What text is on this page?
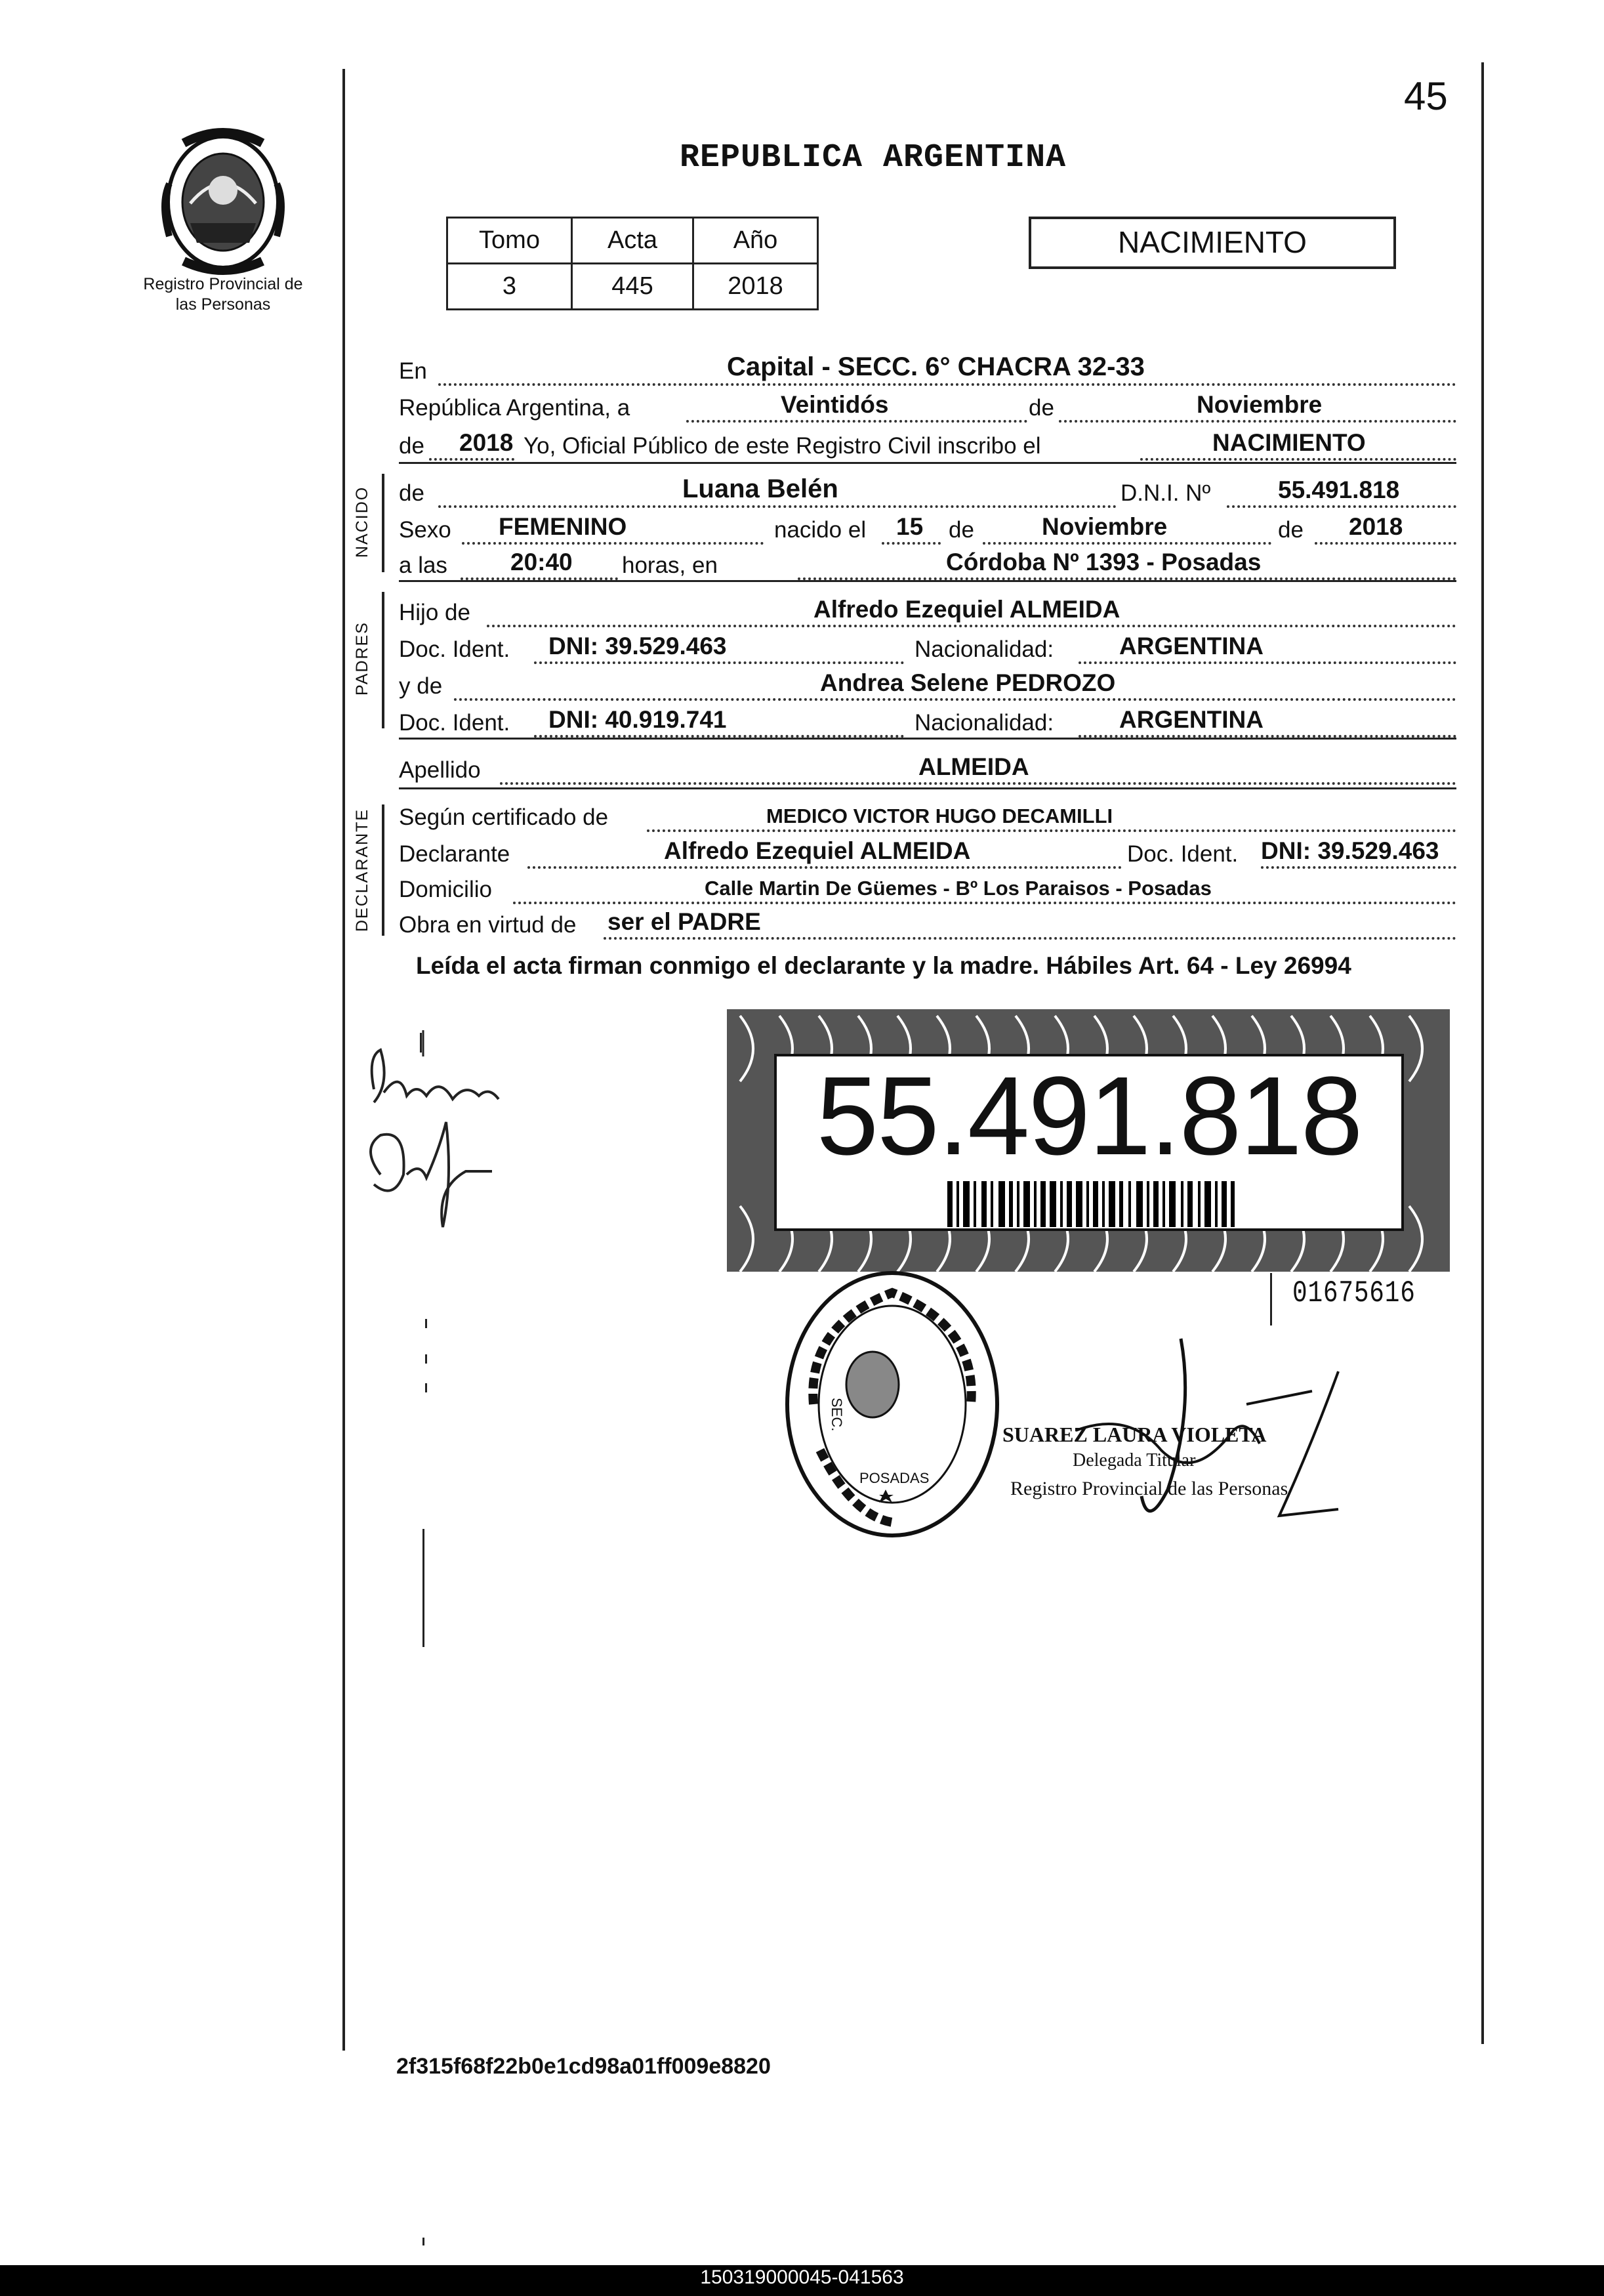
45
Registro Provincial de las Personas
REPUBLICA ARGENTINA
Tomo	Acta	Año
3	445	2018
NACIMIENTO
En	Capital - SECC. 6° CHACRA 32-33
República Argentina, a	Veintidós	de	Noviembre
de 2018 Yo, Oficial Público de este Registro Civil inscribo el	NACIMIENTO
NACIDO de	Luana Belén	D.N.I. Nº	55.491.818
Sexo FEMENINO	nacido el 15 de	Noviembre	de 2018
a las	20:40 horas, en	Córdoba Nº 1393 - Posadas
PADRES
Hijo de	Alfredo Ezequiel ALMEIDA
Doc. Ident. DNI: 39.529.463	Nacionalidad:	ARGENTINA
y de	Andrea Selene PEDROZO
Doc. Ident. DNI: 40.919.741	Nacionalidad:	ARGENTINA
Apellido	ALMEIDA
DECLARANTE Según certificado de	MEDICO VICTOR HUGO DECAMILLI
Declarante	Alfredo Ezequiel ALMEIDA	Doc. Ident. DNI: 39.529.463
Domicilio	Calle Martin De Güemes - Bº Los Paraisos - Posadas
Obra en virtud de ser el PADRE
Leída el acta firman conmigo el declarante y la madre. Hábiles Art. 64 - Ley 26994
55.491.818
01675616
SEC.
POSADAS
SUAREZ LAURA VIOLETA
Delegada Titular
Registro Provincial de las Personas
2f315f68f22b0e1cd98a01ff009e8820
150319000045-041563
